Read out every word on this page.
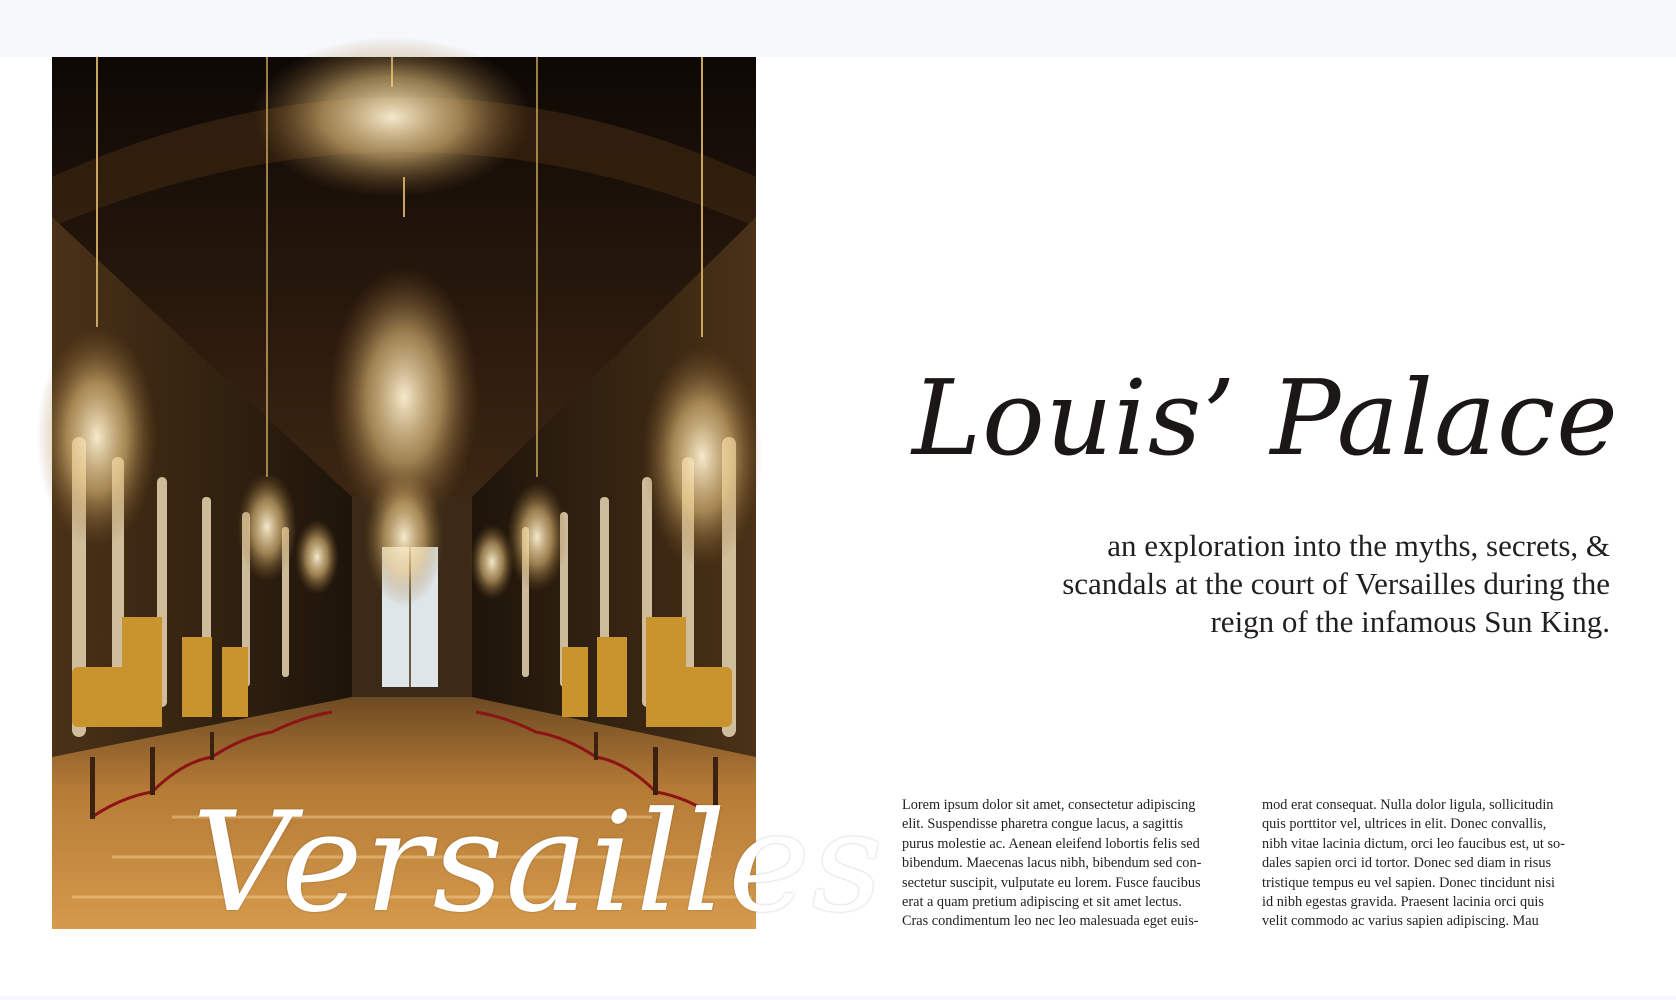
Versailles
Louis’ Palace
an exploration into the myths, secrets, &
scandals at the court of Versailles during the
reign of the infamous Sun King.
Lorem ipsum dolor sit amet, consectetur adipiscing
elit. Suspendisse pharetra congue lacus, a sagittis
purus molestie ac. Aenean eleifend lobortis felis sed
bibendum. Maecenas lacus nibh, bibendum sed con-
sectetur suscipit, vulputate eu lorem. Fusce faucibus
erat a quam pretium adipiscing et sit amet lectus.
Cras condimentum leo nec leo malesuada eget euis-
mod erat consequat. Nulla dolor ligula, sollicitudin
quis porttitor vel, ultrices in elit. Donec convallis,
nibh vitae lacinia dictum, orci leo faucibus est, ut so-
dales sapien orci id tortor. Donec sed diam in risus
tristique tempus eu vel sapien. Donec tincidunt nisi
id nibh egestas gravida. Praesent lacinia orci quis
velit commodo ac varius sapien adipiscing. Mau
